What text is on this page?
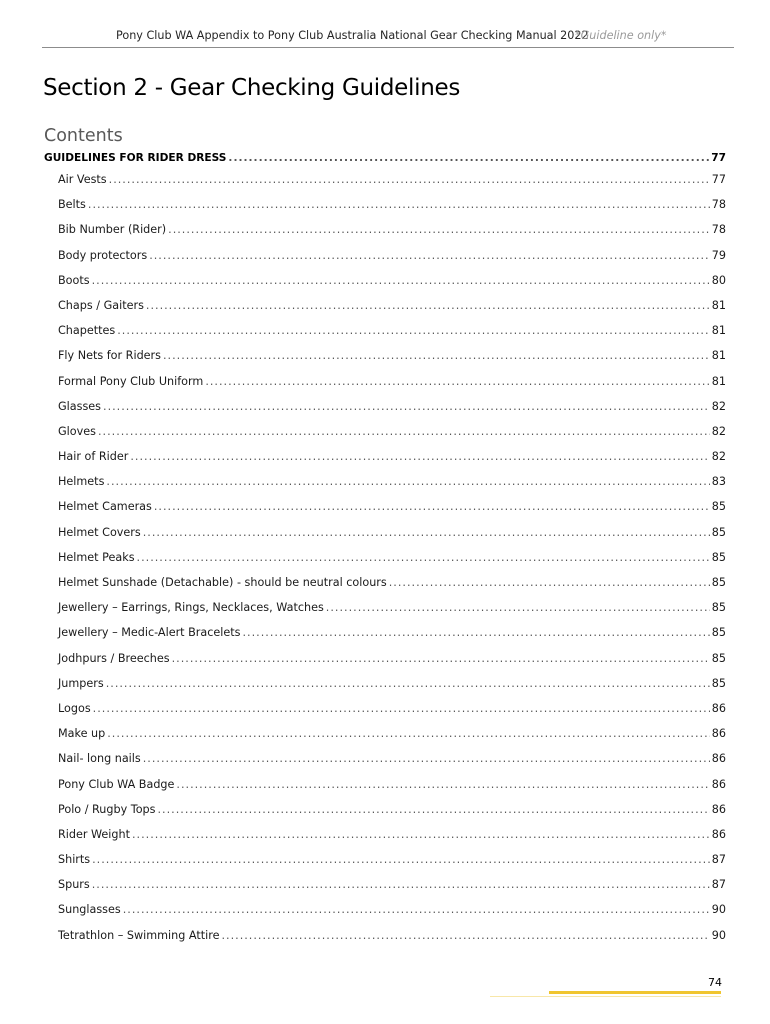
Pony Club WA Appendix to Pony Club Australia National Gear Checking Manual 2022
*Guideline only*
Section 2 - Gear Checking Guidelines
Contents
GUIDELINES FOR RIDER DRESS .....	77
Air Vests .....	77
Belts .....	78
Bib Number (Rider) .....	78
Body protectors .....	79
Boots .....	80
Chaps / Gaiters .....	81
Chapettes .....	81
Fly Nets for Riders .....	81
Formal Pony Club Uniform .....	81
Glasses .....	82
Gloves .....	82
Hair of Rider .....	82
Helmets .....	83
Helmet Cameras .....	85
Helmet Covers .....	85
Helmet Peaks .....	85
Helmet Sunshade (Detachable) - should be neutral colours .....	85
Jewellery – Earrings, Rings, Necklaces, Watches .....	85
Jewellery – Medic-Alert Bracelets .....	85
Jodhpurs / Breeches .....	85
Jumpers .....	85
Logos .....	86
Make up .....	86
Nail- long nails .....	86
Pony Club WA Badge .....	86
Polo / Rugby Tops .....	86
Rider Weight .....	86
Shirts .....	87
Spurs .....	87
Sunglasses .....	90
Tetrathlon – Swimming Attire .....	90
74
